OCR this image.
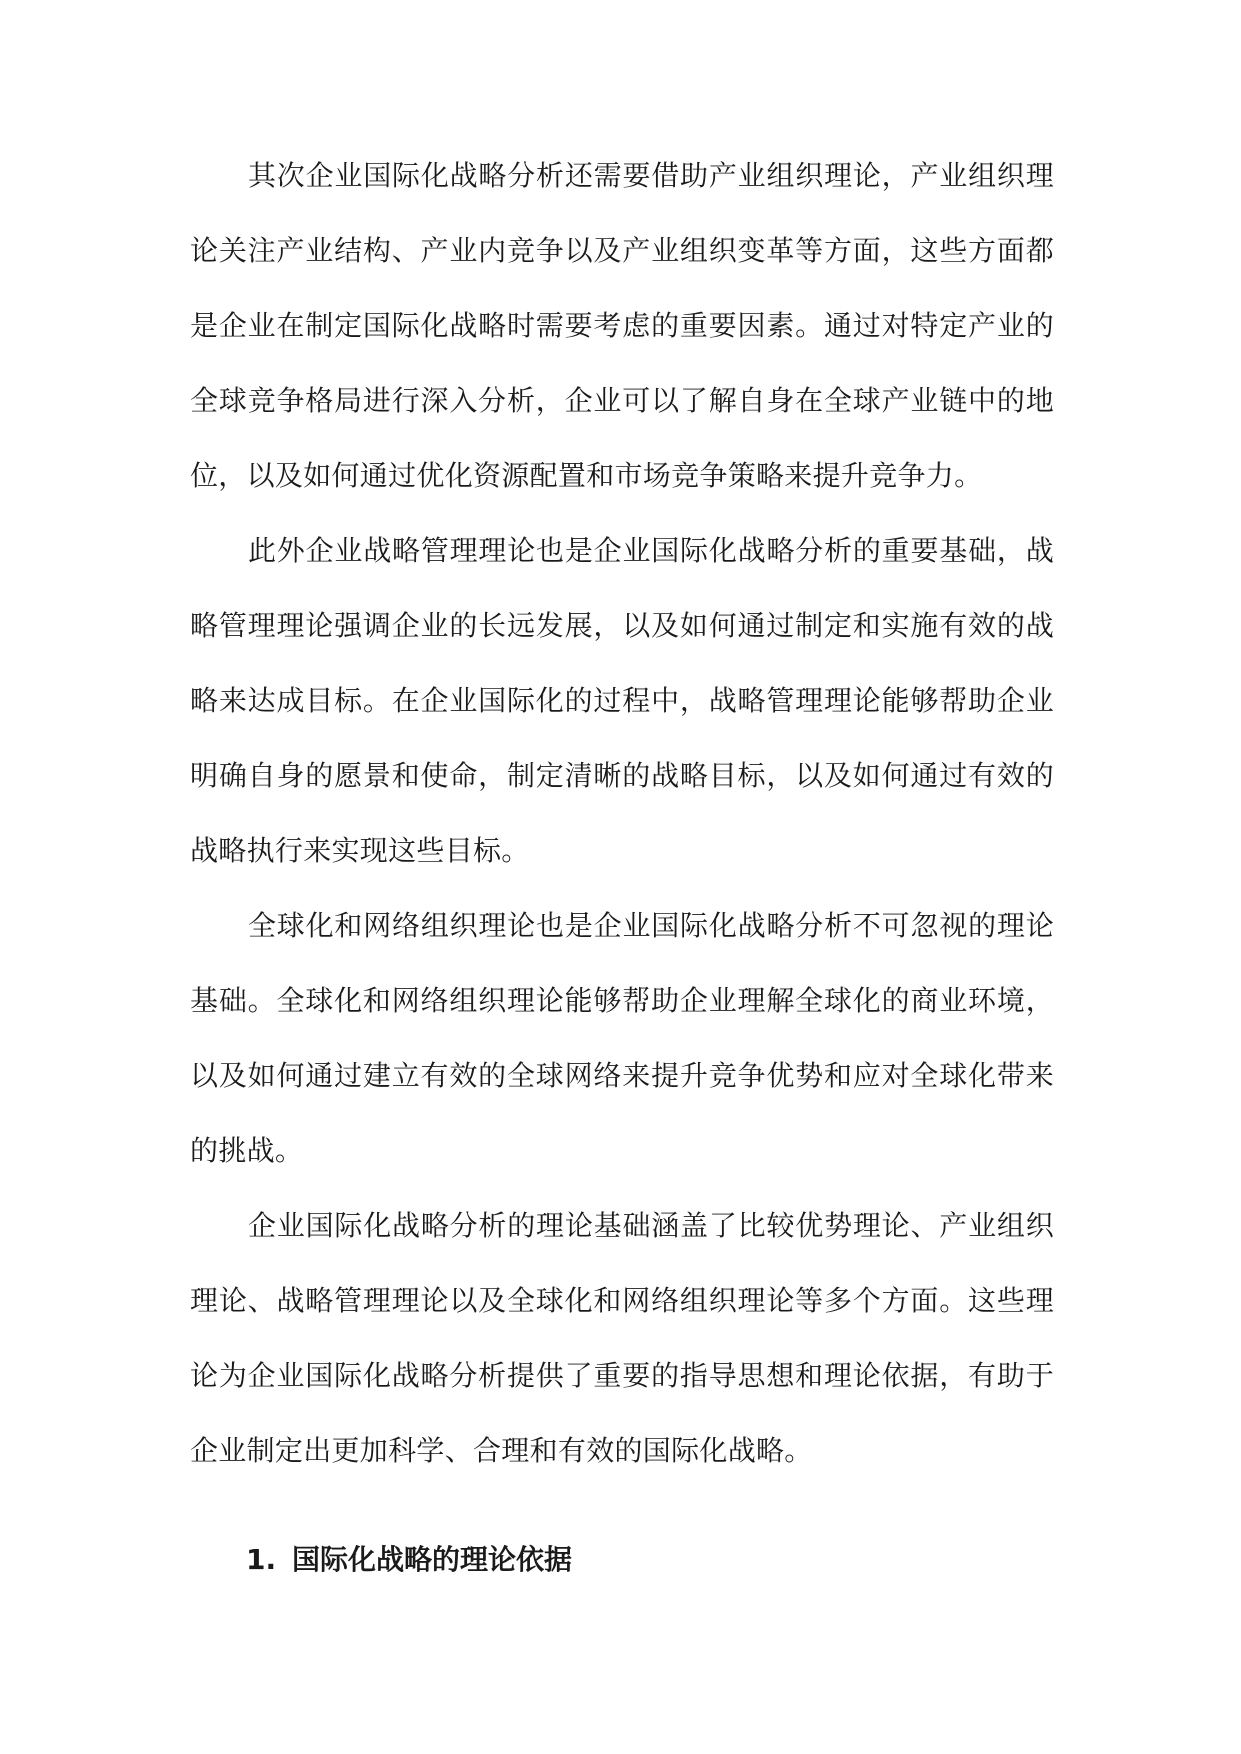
其次企业国际化战略分析还需要借助产业组织理论，产业组织理论关注产业结构、产业内竞争以及产业组织变革等方面，这些方面都是企业在制定国际化战略时需要考虑的重要因素。通过对特定产业的全球竞争格局进行深入分析，企业可以了解自身在全球产业链中的地位，以及如何通过优化资源配置和市场竞争策略来提升竞争力。

此外企业战略管理理论也是企业国际化战略分析的重要基础，战略管理理论强调企业的长远发展，以及如何通过制定和实施有效的战略来达成目标。在企业国际化的过程中，战略管理理论能够帮助企业明确自身的愿景和使命，制定清晰的战略目标，以及如何通过有效的战略执行来实现这些目标。

全球化和网络组织理论也是企业国际化战略分析不可忽视的理论基础。全球化和网络组织理论能够帮助企业理解全球化的商业环境，以及如何通过建立有效的全球网络来提升竞争优势和应对全球化带来的挑战。

企业国际化战略分析的理论基础涵盖了比较优势理论、产业组织理论、战略管理理论以及全球化和网络组织理论等多个方面。这些理论为企业国际化战略分析提供了重要的指导思想和理论依据，有助于企业制定出更加科学、合理和有效的国际化战略。

1. 国际化战略的理论依据
